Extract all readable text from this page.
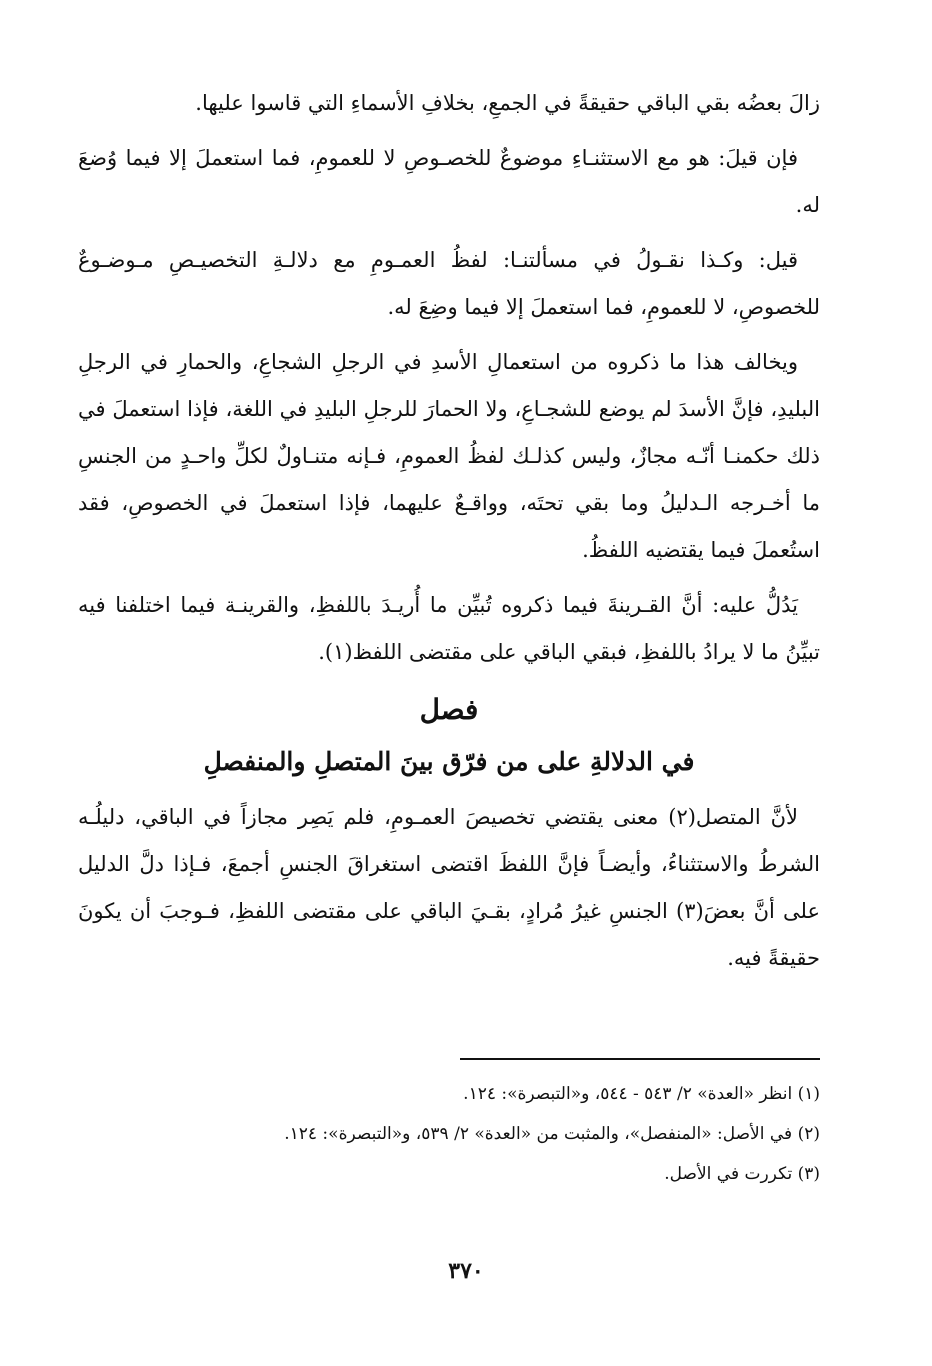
زالَ بعضُه بقي الباقي حقيقةً في الجمعِ، بخلافِ الأسماءِ التي قاسوا عليها.

فإن قيلَ: هو مع الاستثنـاءِ موضوعٌ للخصـوصِ لا للعمومِ، فما استعملَ إلا فيما وُضعَ له.

قيل: وكـذا نقـولُ في مسألتنـا: لفظُ العمـومِ مع دلالـةِ التخصيـصِ مـوضـوعٌ للخصوصِ، لا للعمومِ، فما استعملَ إلا فيما وضِعَ له.

ويخالف هذا ما ذكروه من استعمالِ الأسدِ في الرجلِ الشجاعِ، والحمارِ في الرجلِ البليدِ، فإنَّ الأسدَ لم يوضع للشجـاعِ، ولا الحمارَ للرجلِ البليدِ في اللغة، فإذا استعملَ في ذلك حكمنـا أنّـه مجازٌ، وليس كذلـك لفظُ العمومِ، فـإنه متنـاولٌ لكلِّ واحـدٍ من الجنسِ ما أخـرجه الـدليلُ وما بقي تحتَه، وواقـعٌ عليهما، فإذا استعملَ في الخصوصِ، فقد استُعملَ فيما يقتضيه اللفظُ.

يَدُلُّ عليه: أنَّ القـرينةَ فيما ذكروه تُبيِّن ما أُريـدَ باللفظِ، والقرينـة فيما اختلفنا فيه تبيِّنُ ما لا يرادُ باللفظِ، فبقي الباقي على مقتضى اللفظ(١).

فصل
في الدلالةِ على من فرّق بينَ المتصلِ والمنفصلِ

لأنَّ المتصل(٢) معنى يقتضي تخصيصَ العمـومِ، فلم يَصِر مجازاً في الباقي، دليلُـه الشرطُ والاستثناءُ، وأيضـاً فإنَّ اللفظَ اقتضى استغراقَ الجنسِ أجمعَ، فـإذا دلَّ الدليل على أنَّ بعضَ(٣) الجنسِ غيرُ مُرادٍ، بقـيَ الباقي على مقتضى اللفظِ، فـوجبَ أن يكونَ حقيقةً فيه.

(١) انظر «العدة» ٢/ ٥٤٣ - ٥٤٤، و«التبصرة»: ١٢٤.

(٢) في الأصل: «المنفصل»، والمثبت من «العدة» ٢/ ٥٣٩، و«التبصرة»: ١٢٤.

(٣) تكررت في الأصل.

٣٧٠
